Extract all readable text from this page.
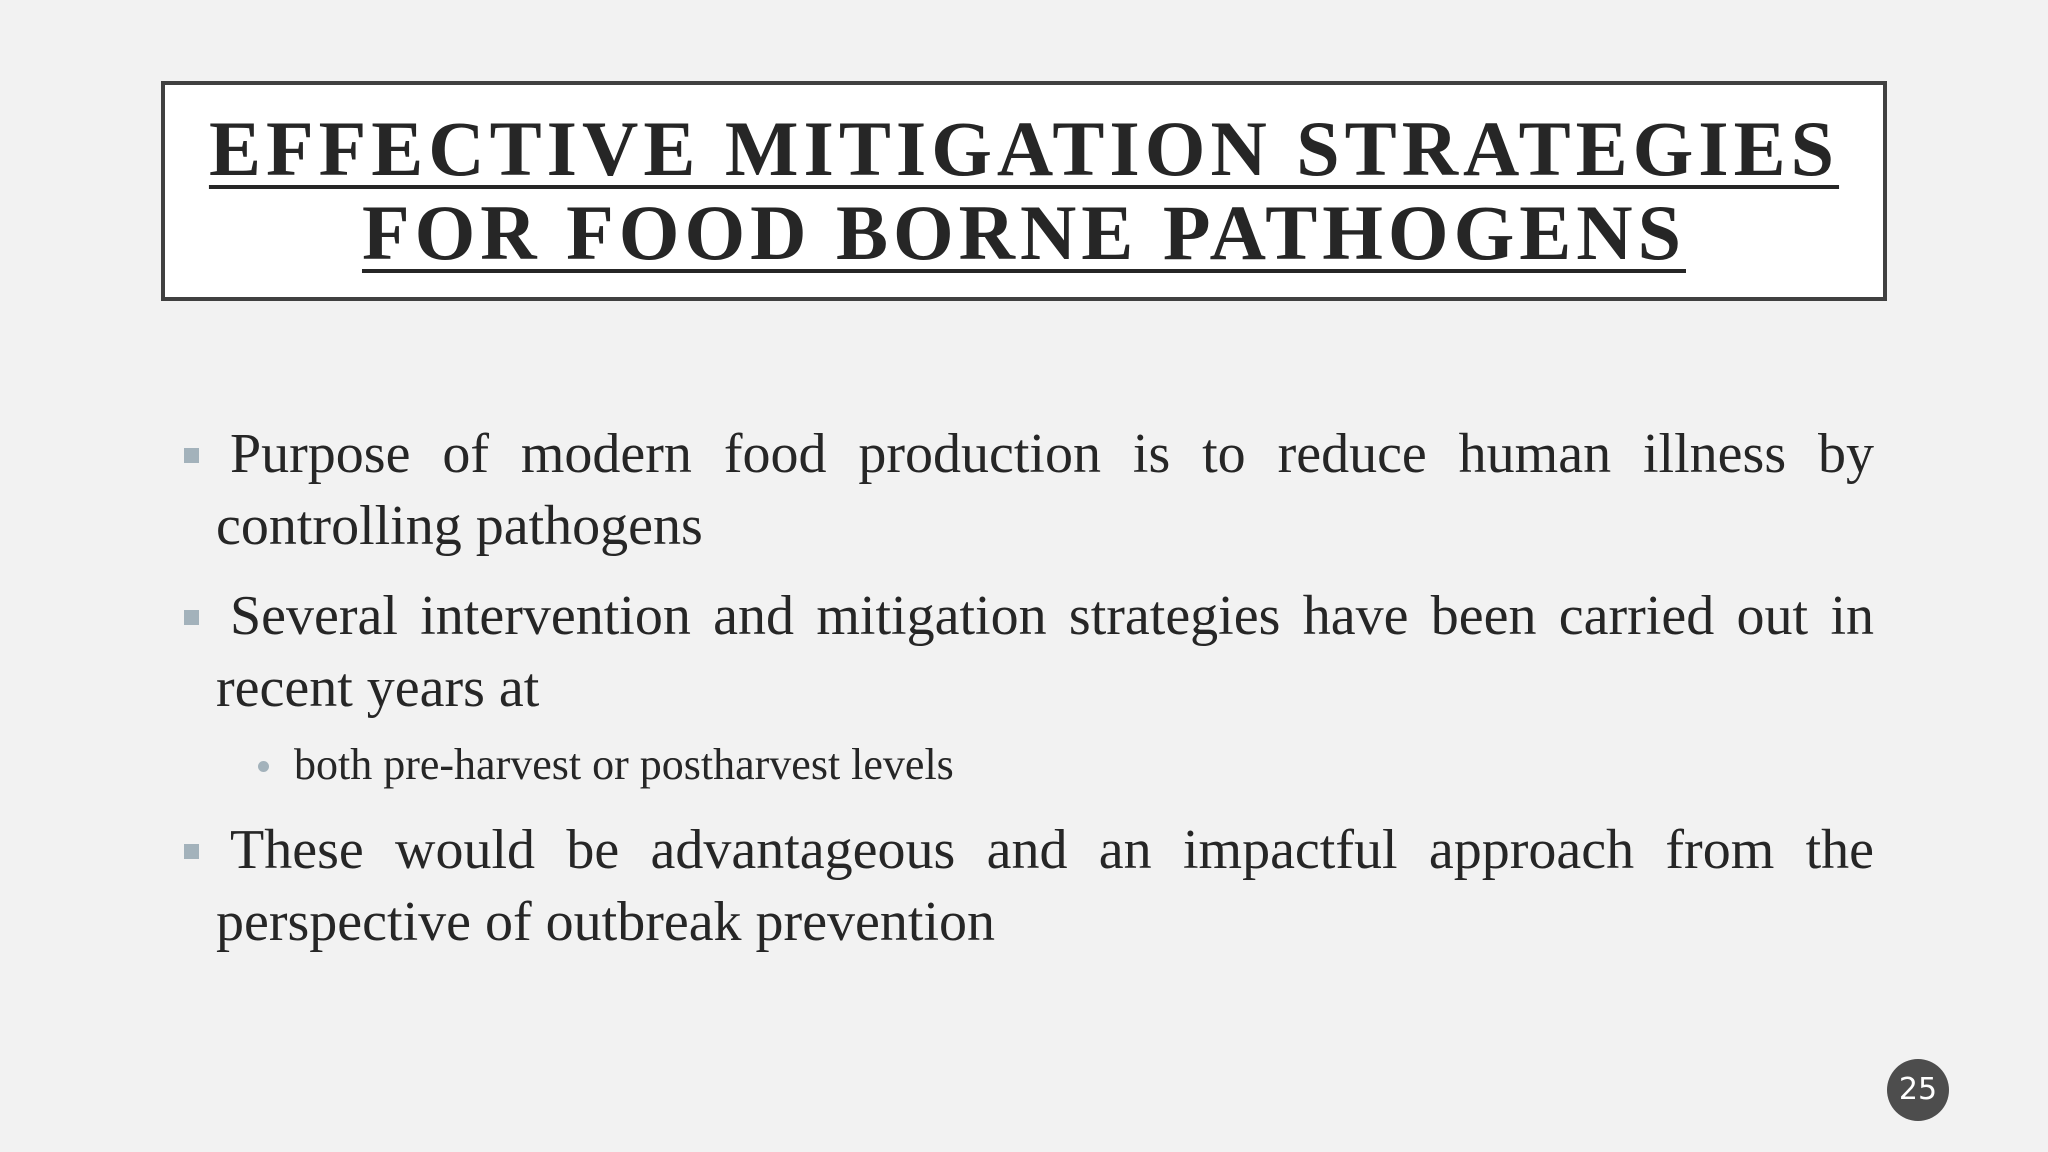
EFFECTIVE MITIGATION STRATEGIES
FOR FOOD BORNE PATHOGENS
Purpose of modern food production is to reduce human illness by controlling pathogens
Several intervention and mitigation strategies have been carried out in recent years at
both pre-harvest or postharvest levels
These would be advantageous and an impactful approach from the perspective of outbreak prevention
25
